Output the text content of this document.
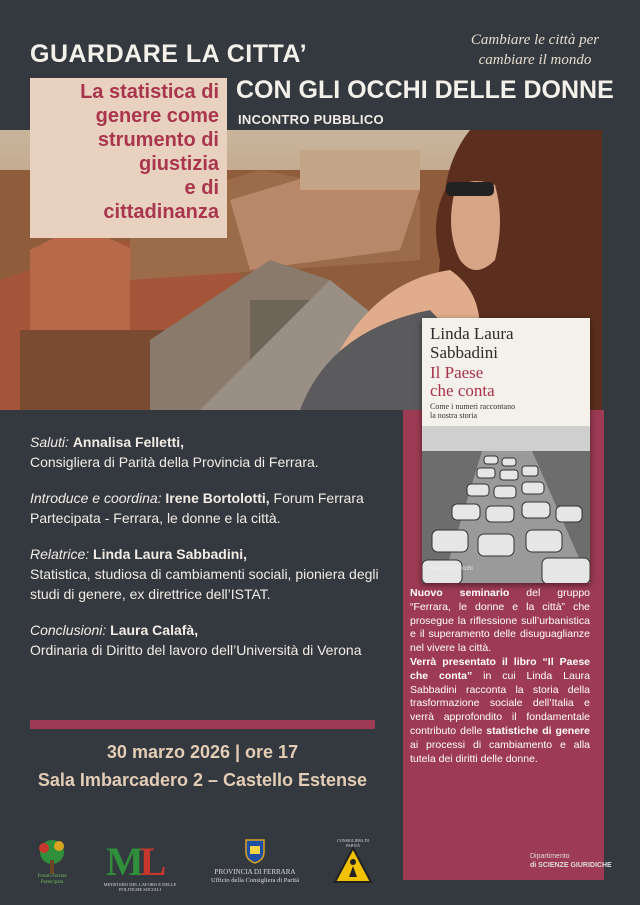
GUARDARE LA CITTA’
CON GLI OCCHI DELLE DONNE
Cambiare le città per
cambiare il mondo
INCONTRO PUBBLICO
La statistica di
genere come
strumento di
giustizia
e di
cittadinanza
Linda Laura
Sabbadini
Il Paese
che conta
Come i numeri raccontano
la nostra storia
Marsilio specchi

Nuovo seminario del gruppo “Ferrara, le donne e la città” che prosegue la riflessione sull’urbanistica e il superamento delle disuguaglianze nel vivere la città.

Verrà presentato il libro “Il Paese che conta” in cui Linda Laura Sabbadini racconta la storia della trasformazione sociale dell’Italia e verrà approfondito il fondamentale contributo delle statistiche di genere ai processi di cambiamento e alla tutela dei diritti delle donne.

Saluti: Annalisa Felletti,
Consigliera di Parità della Provincia di Ferrara.

Introduce e coordina: Irene Bortolotti, Forum Ferrara Partecipata - Ferrara, le donne e la città.

Relatrice: Linda Laura Sabbadini,
Statistica, studiosa di cambiamenti sociali, pioniera degli studi di genere, ex direttrice dell’ISTAT.

Conclusioni: Laura Calafà,
Ordinaria di Diritto del lavoro dell’Università di Verona

30 marzo 2026 | ore 17
Sala Imbarcadero 2 – Castello Estense
Forum Ferrara Partecipata	ML
MINISTERO DEL LAVORO E DELLE POLITICHE SOCIALI
PROVINCIA DI FERRARA
Ufficio della Consigliera di Parità
CONSIGLIERA DI PARITÀ
UNIVERSITÀ
di VERONA
Dipartimento
di SCIENZE GIURIDICHE
